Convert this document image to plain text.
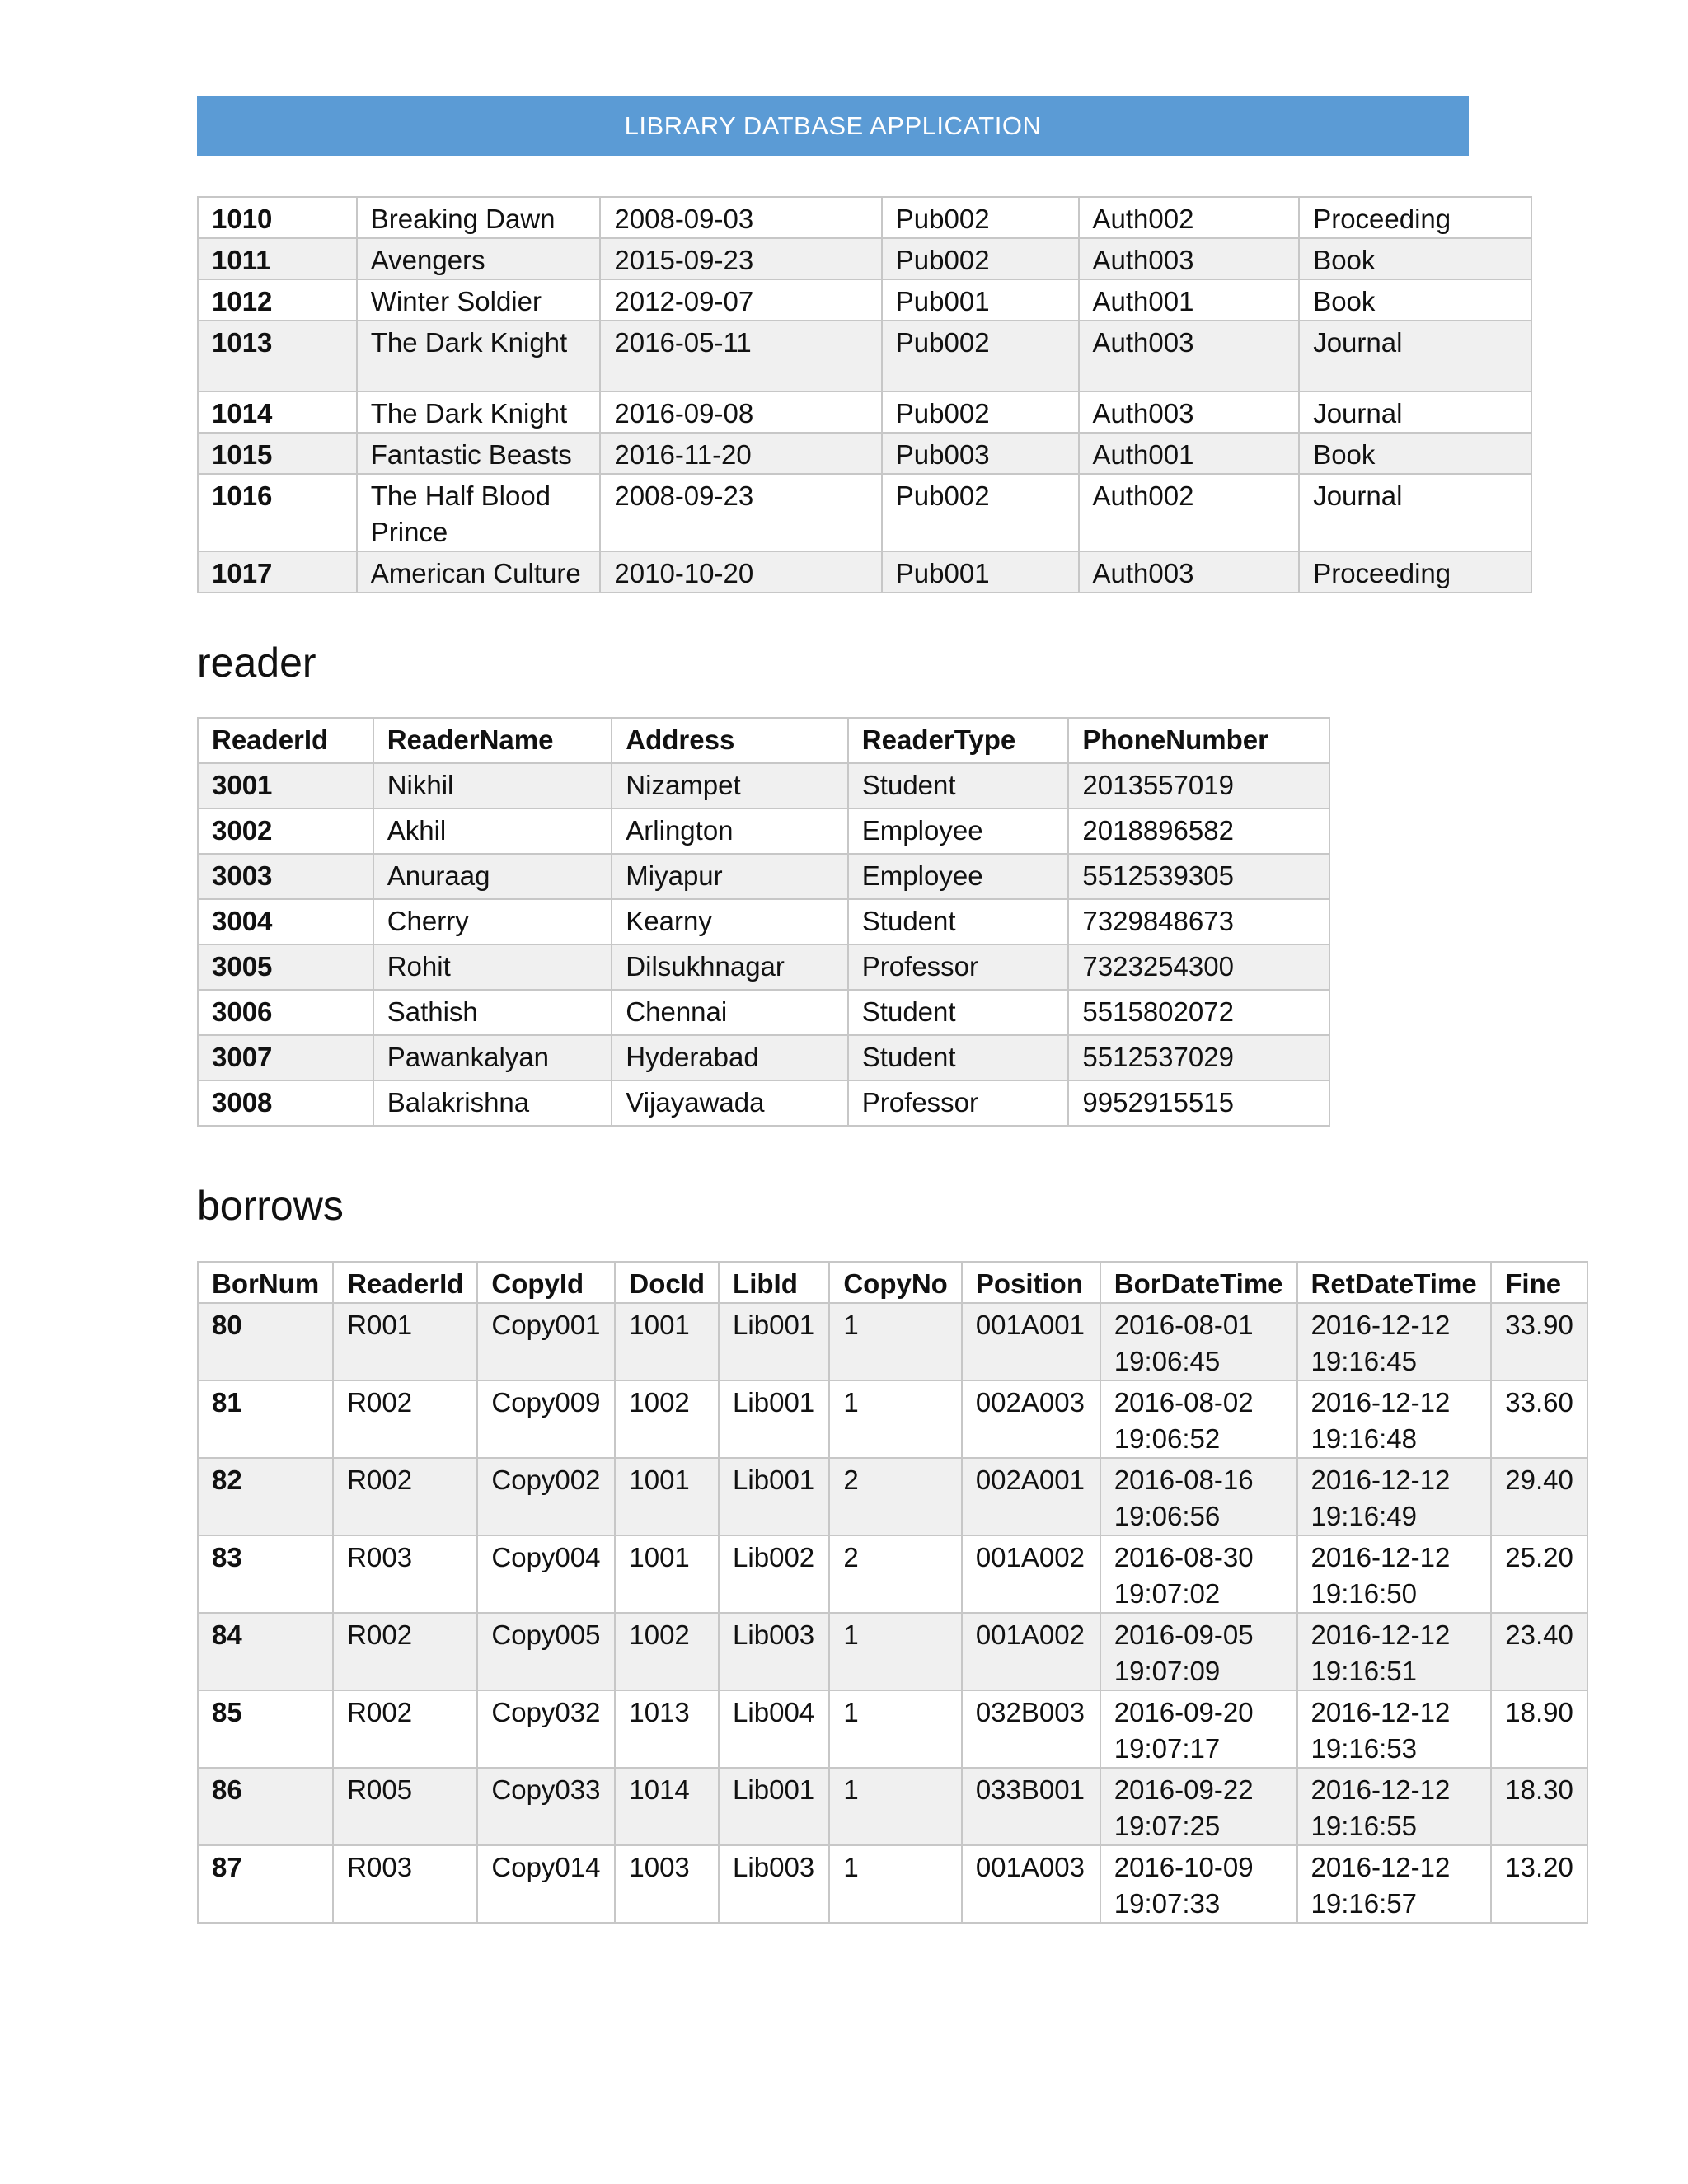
LIBRARY DATBASE APPLICATION
1010	Breaking Dawn	2008-09-03	Pub002	Auth002	Proceeding
1011	Avengers	2015-09-23	Pub002	Auth003	Book
1012	Winter Soldier	2012-09-07	Pub001	Auth001	Book
1013	The Dark Knight	2016-05-11	Pub002	Auth003	Journal
1014	The Dark Knight	2016-09-08	Pub002	Auth003	Journal
1015	Fantastic Beasts	2016-11-20	Pub003	Auth001	Book
1016	The Half Blood Prince	2008-09-23	Pub002	Auth002	Journal
1017	American Culture	2010-10-20	Pub001	Auth003	Proceeding
reader
ReaderId	ReaderName	Address	ReaderType	PhoneNumber
3001	Nikhil	Nizampet	Student	2013557019
3002	Akhil	Arlington	Employee	2018896582
3003	Anuraag	Miyapur	Employee	5512539305
3004	Cherry	Kearny	Student	7329848673
3005	Rohit	Dilsukhnagar	Professor	7323254300
3006	Sathish	Chennai	Student	5515802072
3007	Pawankalyan	Hyderabad	Student	5512537029
3008	Balakrishna	Vijayawada	Professor	9952915515
borrows
BorNum	ReaderId	CopyId	DocId	LibId	CopyNo	Position	BorDateTime	RetDateTime	Fine
80	R001	Copy001	1001	Lib001	1	001A001	2016-08-01 19:06:45	2016-12-12 19:16:45	33.90
81	R002	Copy009	1002	Lib001	1	002A003	2016-08-02 19:06:52	2016-12-12 19:16:48	33.60
82	R002	Copy002	1001	Lib001	2	002A001	2016-08-16 19:06:56	2016-12-12 19:16:49	29.40
83	R003	Copy004	1001	Lib002	2	001A002	2016-08-30 19:07:02	2016-12-12 19:16:50	25.20
84	R002	Copy005	1002	Lib003	1	001A002	2016-09-05 19:07:09	2016-12-12 19:16:51	23.40
85	R002	Copy032	1013	Lib004	1	032B003	2016-09-20 19:07:17	2016-12-12 19:16:53	18.90
86	R005	Copy033	1014	Lib001	1	033B001	2016-09-22 19:07:25	2016-12-12 19:16:55	18.30
87	R003	Copy014	1003	Lib003	1	001A003	2016-10-09 19:07:33	2016-12-12 19:16:57	13.20
